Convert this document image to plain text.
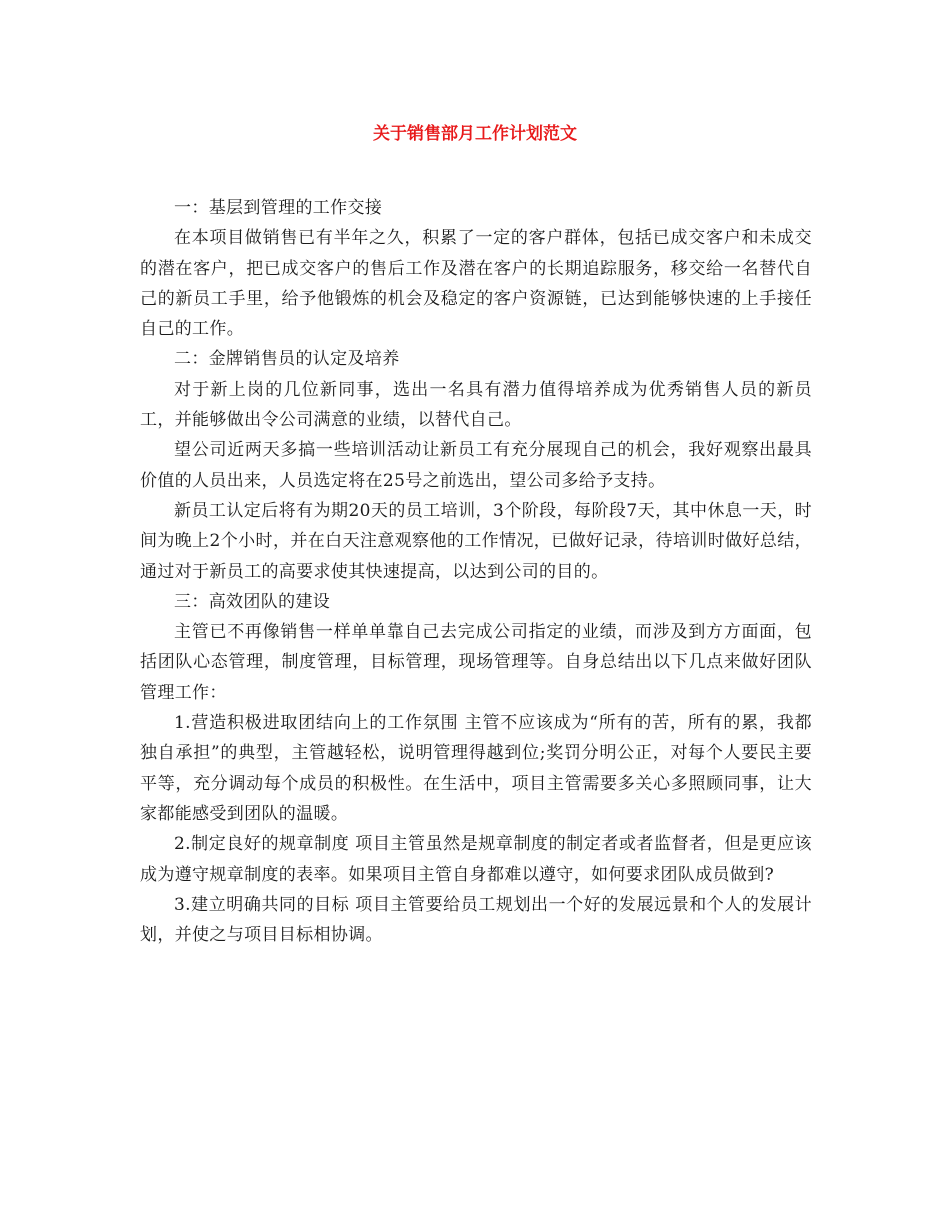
关于销售部月工作计划范文

一：基层到管理的工作交接

在本项目做销售已有半年之久，积累了一定的客户群体，包括已成交客户和未成交的潜在客户，把已成交客户的售后工作及潜在客户的长期追踪服务，移交给一名替代自己的新员工手里，给予他锻炼的机会及稳定的客户资源链，已达到能够快速的上手接任自己的工作。

二：金牌销售员的认定及培养

对于新上岗的几位新同事，选出一名具有潜力值得培养成为优秀销售人员的新员工，并能够做出令公司满意的业绩，以替代自己。

望公司近两天多搞一些培训活动让新员工有充分展现自己的机会，我好观察出最具价值的人员出来，人员选定将在25号之前选出，望公司多给予支持。

新员工认定后将有为期20天的员工培训，3个阶段，每阶段7天，其中休息一天，时间为晚上2个小时，并在白天注意观察他的工作情况，已做好记录，待培训时做好总结，通过对于新员工的高要求使其快速提高，以达到公司的目的。

三：高效团队的建设

主管已不再像销售一样单单靠自己去完成公司指定的业绩，而涉及到方方面面，包括团队心态管理，制度管理，目标管理，现场管理等。自身总结出以下几点来做好团队管理工作：

1.营造积极进取团结向上的工作氛围 主管不应该成为“所有的苦，所有的累，我都独自承担”的典型，主管越轻松，说明管理得越到位;奖罚分明公正，对每个人要民主要平等，充分调动每个成员的积极性。在生活中，项目主管需要多关心多照顾同事，让大家都能感受到团队的温暖。

2.制定良好的规章制度 项目主管虽然是规章制度的制定者或者监督者，但是更应该成为遵守规章制度的表率。如果项目主管自身都难以遵守，如何要求团队成员做到?

3.建立明确共同的目标 项目主管要给员工规划出一个好的发展远景和个人的发展计划，并使之与项目目标相协调。
